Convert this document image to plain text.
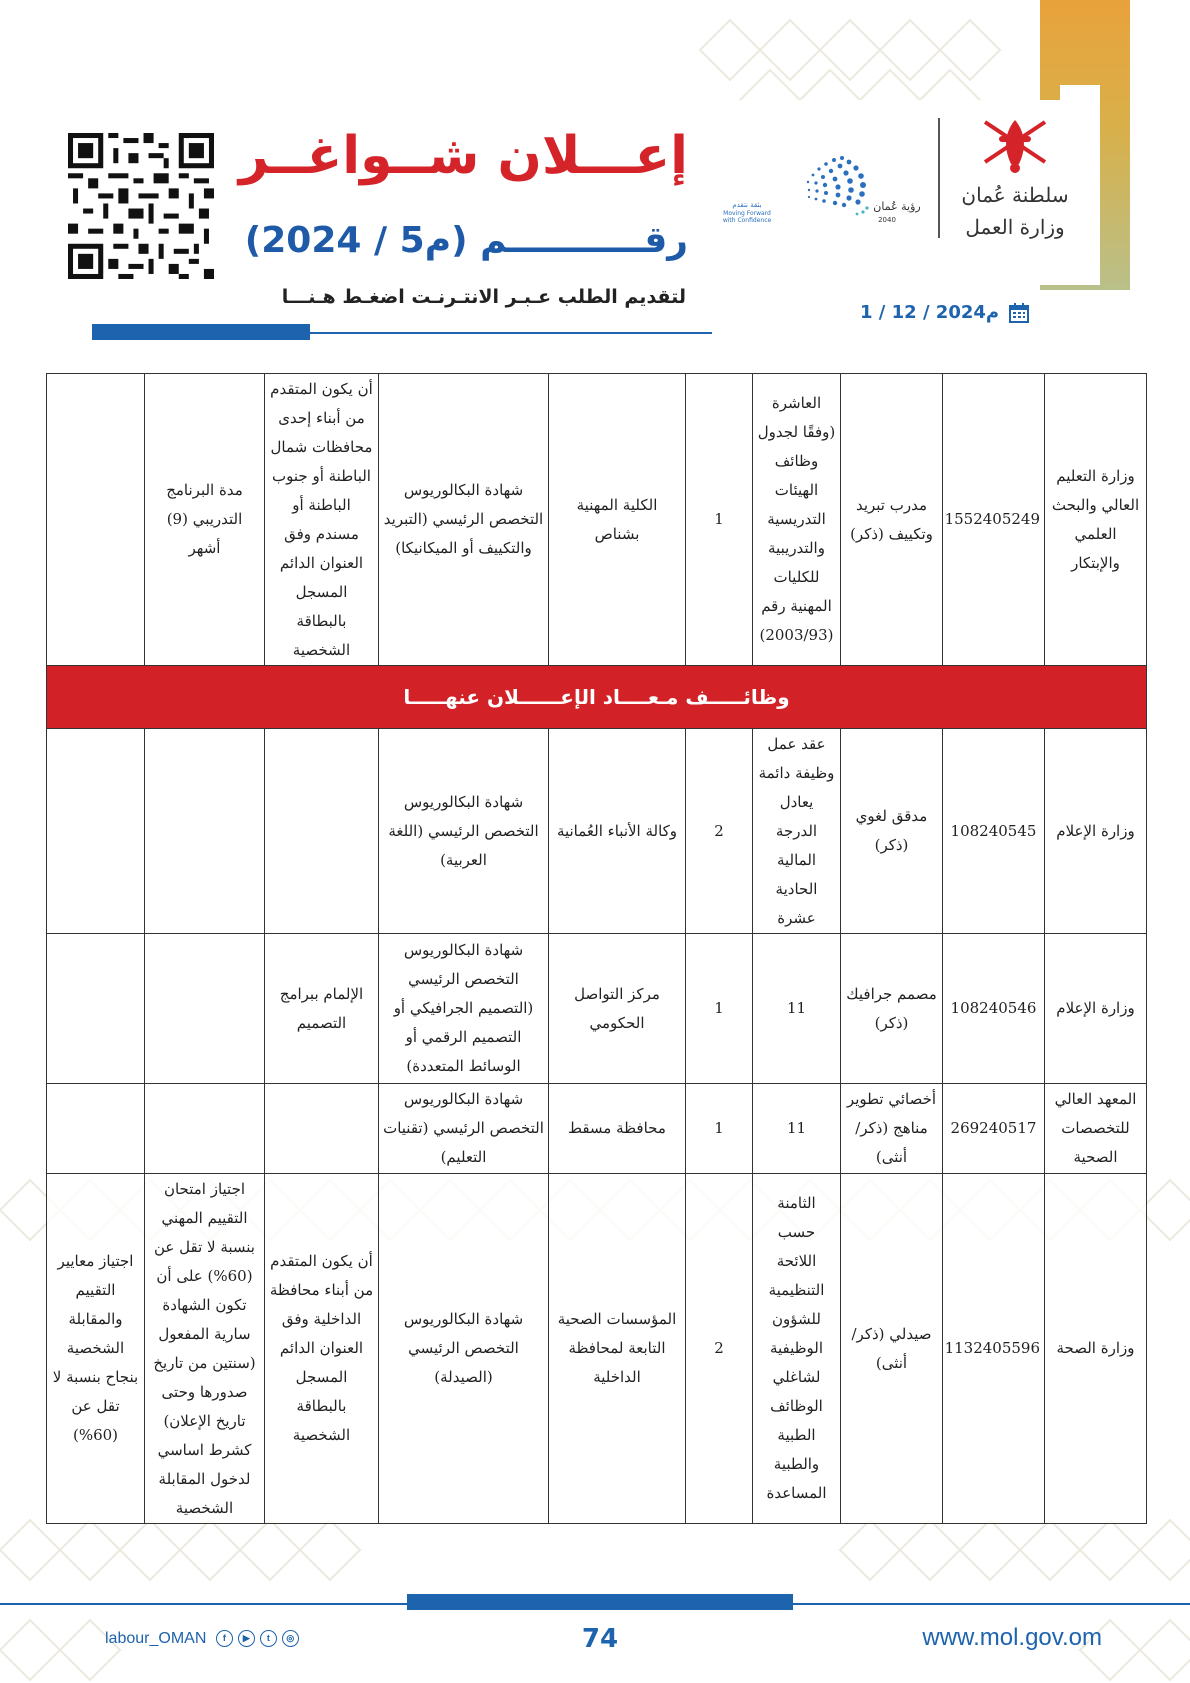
إعـــلان شــواغــر
رقـــــــــــم (م5 / 2024)
لتقديم الطلب عـبـر الانتـرنـت اضغـط هـنـــا
1 / 12 / 2024م
رؤية عُمان
2040
بثقة نتقدم
Moving Forward
with Confidence
سلطنة عُمان
وزارة العمل
وزارة التعليم العالي والبحث العلمي والإبتكار	1552405249	مدرب تبريد وتكييف (ذكر)	العاشرة (وفقًا لجدول وظائف الهيئات التدريسية والتدريبية للكليات المهنية رقم (2003/93)	1	الكلية المهنية بشناص	شهادة البكالوريوس التخصص الرئيسي (التبريد والتكييف أو الميكانيكا)	أن يكون المتقدم من أبناء إحدى محافظات شمال الباطنة أو جنوب الباطنة أو مسندم وفق العنوان الدائم المسجل بالبطاقة الشخصية	مدة البرنامج التدريبي (9) أشهر	
وظائـــــف مـعــــاد الإعــــــلان عنهـــــا									
وزارة الإعلام	108240545	مدقق لغوي (ذكر)	عقد عمل وظيفة دائمة يعادل الدرجة المالية الحادية عشرة	2	وكالة الأنباء العُمانية	شهادة البكالوريوس التخصص الرئيسي (اللغة العربية)			
وزارة الإعلام	108240546	مصمم جرافيك (ذكر)	11	1	مركز التواصل الحكومي	شهادة البكالوريوس التخصص الرئيسي (التصميم الجرافيكي أو التصميم الرقمي أو الوسائط المتعددة)	الإلمام ببرامج التصميم		
المعهد العالي للتخصصات الصحية	269240517	أخصائي تطوير مناهج (ذكر/أنثى)	11	1	محافظة مسقط	شهادة البكالوريوس التخصص الرئيسي (تقنيات التعليم)			
وزارة الصحة	1132405596	صيدلي (ذكر/ أنثى)	الثامنة حسب اللائحة التنظيمية للشؤون الوظيفية لشاغلي الوظائف الطبية والطبية المساعدة	2	المؤسسات الصحية التابعة لمحافظة الداخلية	شهادة البكالوريوس التخصص الرئيسي (الصيدلة)	أن يكون المتقدم من أبناء محافظة الداخلية وفق العنوان الدائم المسجل بالبطاقة الشخصية	اجتياز امتحان التقييم المهني بنسبة لا تقل عن (60%) على أن تكون الشهادة سارية المفعول (سنتين من تاريخ صدورها وحتى تاريخ الإعلان) كشرط اساسي لدخول المقابلة الشخصية	اجتياز معايير التقييم والمقابلة الشخصية بنجاح بنسبة لا تقل عن (60%)
labour_OMAN f ▶ t ◎	74	www.mol.gov.om
